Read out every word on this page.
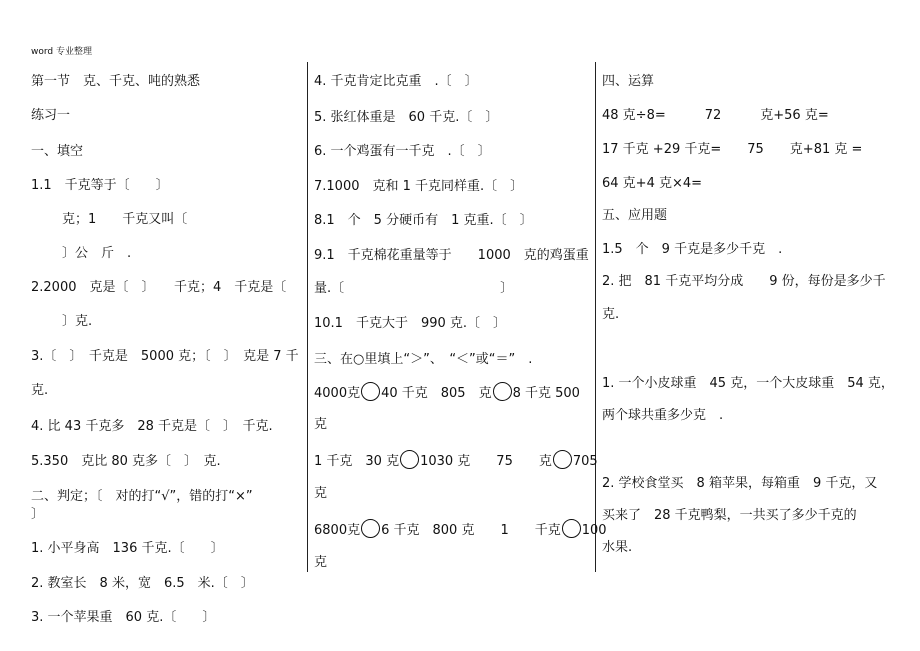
word 专业整理
第一节　克、千克、吨的熟悉
练习一
一、填空
1.1　千克等于〔　　〕
克；1　　千克又叫〔
〕公　斤　.
2.2000　克是〔　〕　　千克；4　千克是〔
〕克.
3.〔　〕　千克是　5000 克；〔　〕　克是 7 千
克.
4. 比 43 千克多　28 千克是〔　〕　千克.
5.350　克比 80 克多〔　〕　克.
二、判定；〔　对的打“√”，错的打“×”
〕
1. 小平身高　136 千克.〔　　〕
2. 教室长　8 米，宽　6.5　米.〔　〕
3. 一个苹果重　60 克.〔　　〕
4. 千克肯定比克重　.〔　〕
5. 张红体重是　60 千克.〔　〕
6. 一个鸡蛋有一千克　.〔　〕
7.1000　克和 1 千克同样重.〔　〕
8.1　个　5 分硬币有　1 克重.〔　〕
9.1　千克棉花重量等于　　1000　克的鸡蛋重
量.〔　　　　　　　　　　　　〕
10.1　千克大于　990 克.〔　〕
三、在○里填上“＞”、　“＜”或“＝”　.
4000克 40 千克　805　克 8 千克 500
克
1 千克　30 克 1030 克　　75　　克 705
克
6800克 6 千克　800 克　　1　　千克 100
克
四、运算
48 克÷8=　　　72　　　克+56 克=
17 千克 +29 千克=　　75　　克+81 克 =
64 克+4 克×4=
五、应用题
1.5　个　9 千克是多少千克　.
2. 把　81 千克平均分成　　9 份，每份是多少千
克.
1. 一个小皮球重　45 克，一个大皮球重　54 克，
两个球共重多少克　.
2. 学校食堂买　8 箱苹果，每箱重　9 千克，又
买来了　28 千克鸭梨，一共买了多少千克的
水果.
